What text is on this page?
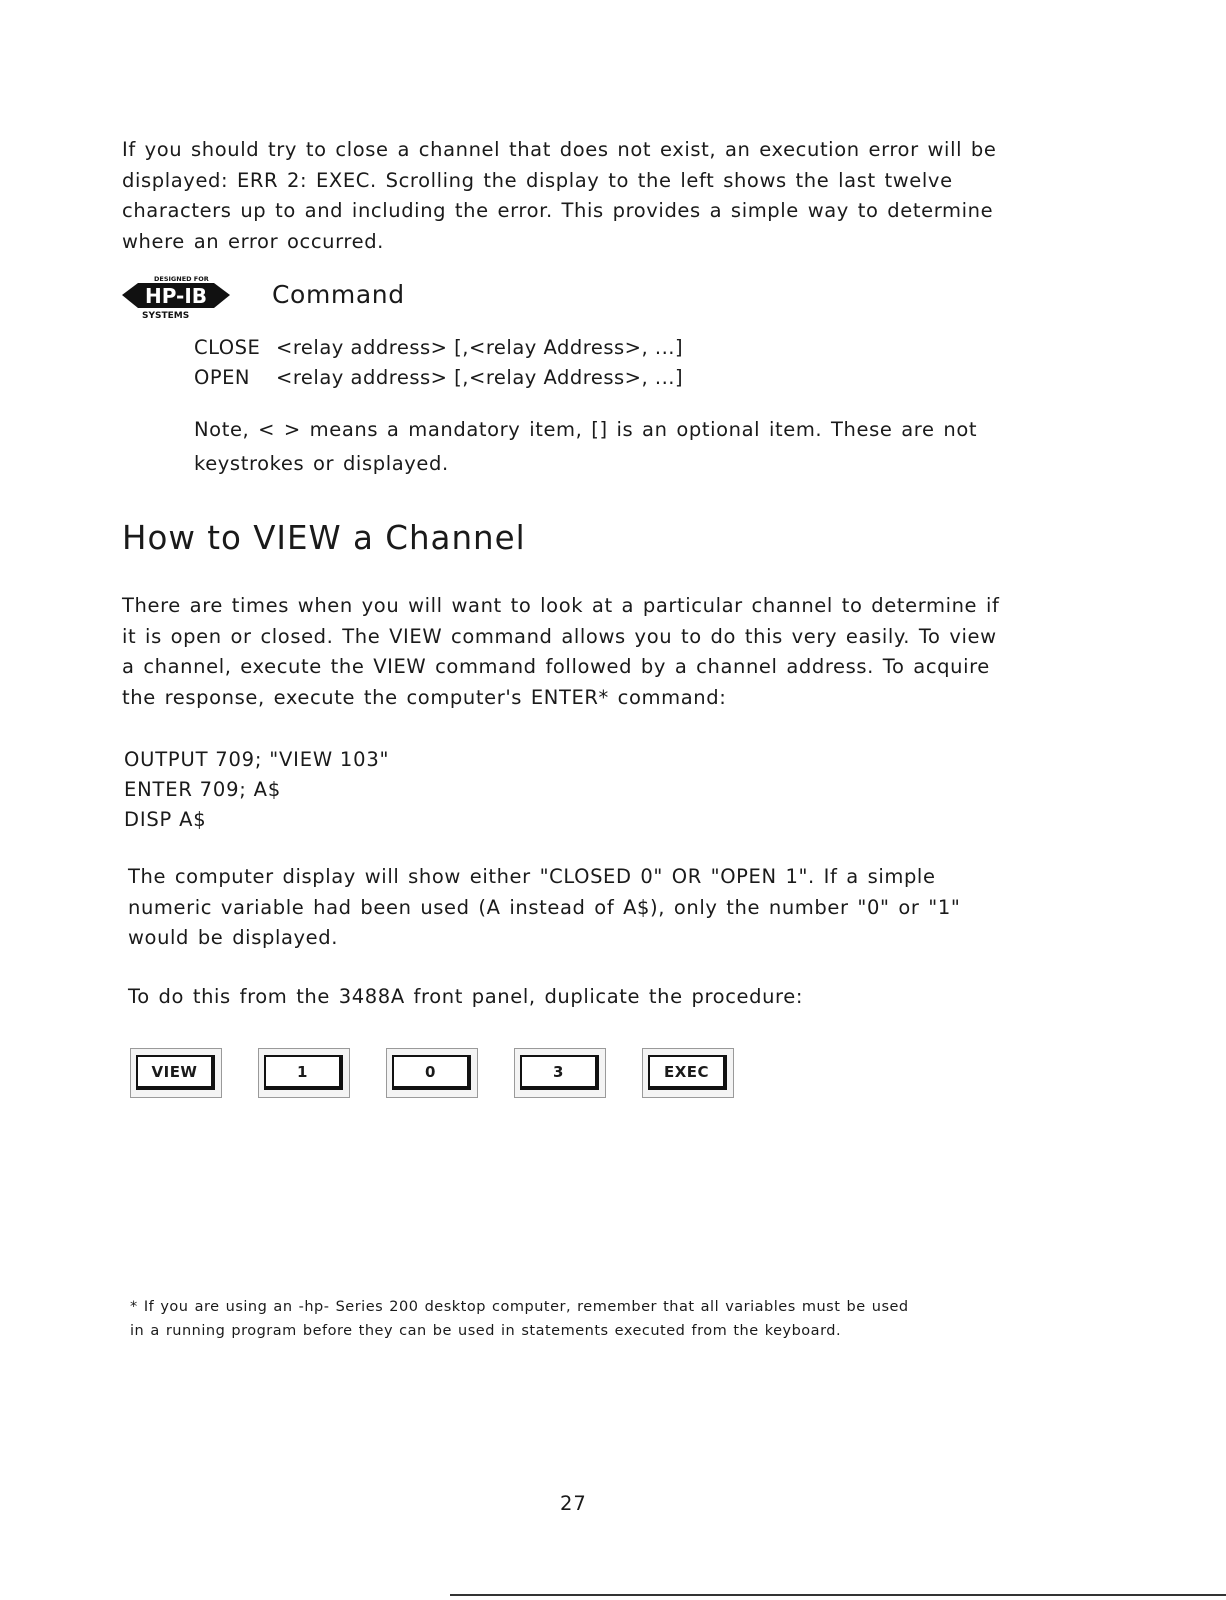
If you should try to close a channel that does not exist, an execution error will be
displayed: ERR 2: EXEC. Scrolling the display to the left shows the last twelve
characters up to and including the error. This provides a simple way to determine
where an error occurred.
DESIGNED FOR
HP-IB
SYSTEMS
Command
CLOSE <relay address> [,<relay Address>, ...]
OPEN <relay address> [,<relay Address>, ...]
Note, < > means a mandatory item, [] is an optional item. These are not
keystrokes or displayed.
How to VIEW a Channel
There are times when you will want to look at a particular channel to determine if
it is open or closed. The VIEW command allows you to do this very easily. To view
a channel, execute the VIEW command followed by a channel address. To acquire
the response, execute the computer's ENTER* command:
OUTPUT 709; "VIEW 103"
ENTER 709; A$
DISP A$
The computer display will show either "CLOSED 0" OR "OPEN 1". If a simple
numeric variable had been used (A instead of A$), only the number "0" or "1"
would be displayed.
To do this from the 3488A front panel, duplicate the procedure:
VIEW	1	0	3	EXEC
* If you are using an -hp- Series 200 desktop computer, remember that all variables must be used
in a running program before they can be used in statements executed from the keyboard.

27
